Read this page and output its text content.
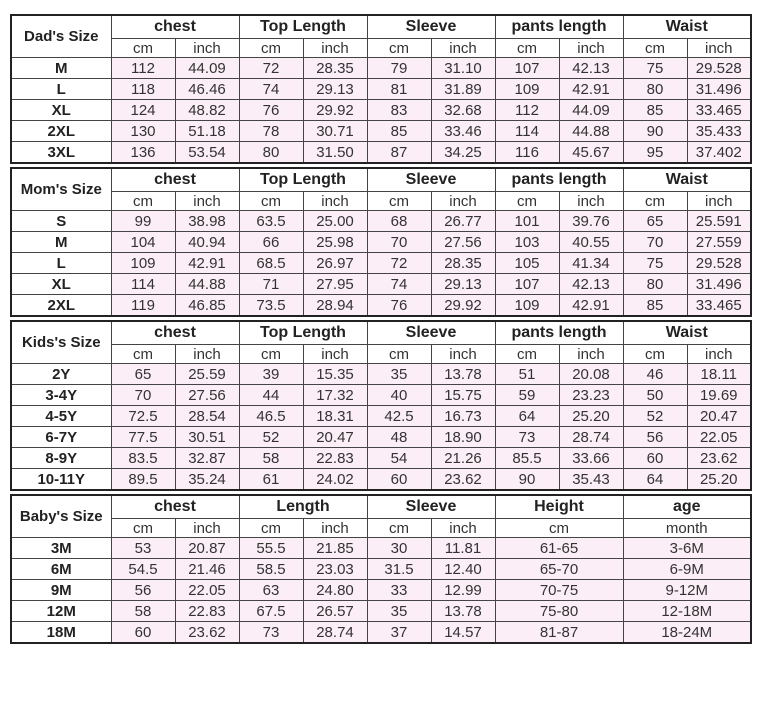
Dad's Size	chest		Top Length		Sleeve		pants length		Waist	
	cm	inch	cm	inch	cm	inch	cm	inch	cm	inch
M	112	44.09	72	28.35	79	31.10	107	42.13	75	29.528
L	118	46.46	74	29.13	81	31.89	109	42.91	80	31.496
XL	124	48.82	76	29.92	83	32.68	112	44.09	85	33.465
2XL	130	51.18	78	30.71	85	33.46	114	44.88	90	35.433
3XL	136	53.54	80	31.50	87	34.25	116	45.67	95	37.402
Mom's Size	chest		Top Length		Sleeve		pants length		Waist	
	cm	inch	cm	inch	cm	inch	cm	inch	cm	inch
S	99	38.98	63.5	25.00	68	26.77	101	39.76	65	25.591
M	104	40.94	66	25.98	70	27.56	103	40.55	70	27.559
L	109	42.91	68.5	26.97	72	28.35	105	41.34	75	29.528
XL	114	44.88	71	27.95	74	29.13	107	42.13	80	31.496
2XL	119	46.85	73.5	28.94	76	29.92	109	42.91	85	33.465
Kids's Size	chest		Top Length		Sleeve		pants length		Waist	
	cm	inch	cm	inch	cm	inch	cm	inch	cm	inch
2Y	65	25.59	39	15.35	35	13.78	51	20.08	46	18.11
3-4Y	70	27.56	44	17.32	40	15.75	59	23.23	50	19.69
4-5Y	72.5	28.54	46.5	18.31	42.5	16.73	64	25.20	52	20.47
6-7Y	77.5	30.51	52	20.47	48	18.90	73	28.74	56	22.05
8-9Y	83.5	32.87	58	22.83	54	21.26	85.5	33.66	60	23.62
10-11Y	89.5	35.24	61	24.02	60	23.62	90	35.43	64	25.20
Baby's Size	chest		Length		Sleeve		Height	age
	cm	inch	cm	inch	cm	inch	cm	month
3M	53	20.87	55.5	21.85	30	11.81	61-65	3-6M
6M	54.5	21.46	58.5	23.03	31.5	12.40	65-70	6-9M
9M	56	22.05	63	24.80	33	12.99	70-75	9-12M
12M	58	22.83	67.5	26.57	35	13.78	75-80	12-18M
18M	60	23.62	73	28.74	37	14.57	81-87	18-24M
